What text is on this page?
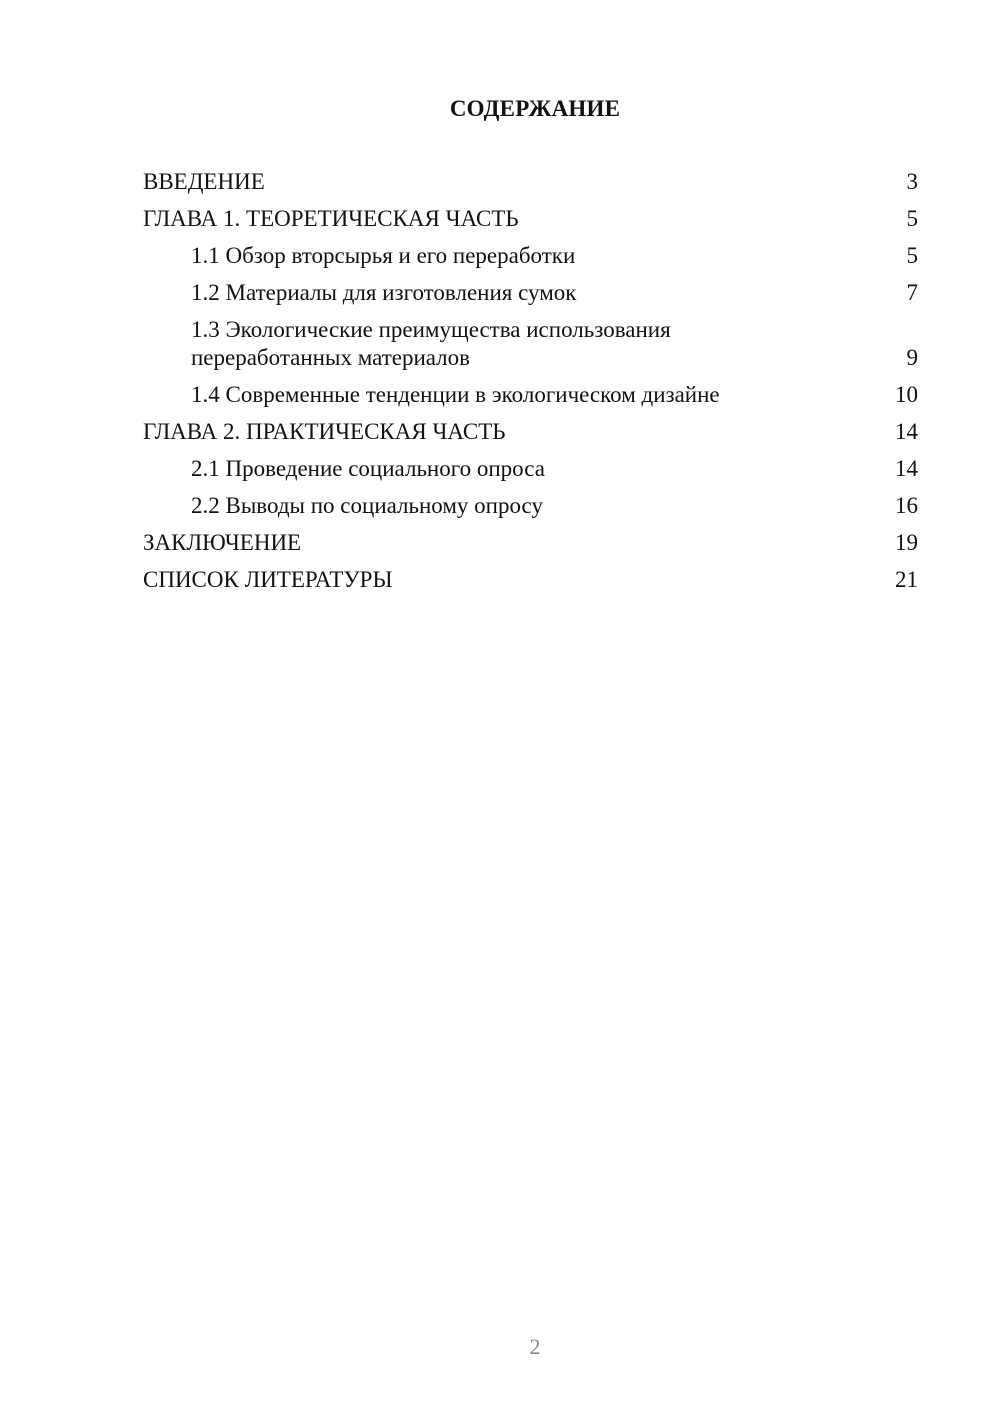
СОДЕРЖАНИЕ
ВВЕДЕНИЕ	3
ГЛАВА 1. ТЕОРЕТИЧЕСКАЯ ЧАСТЬ	5
1.1 Обзор вторсырья и его переработки	5
1.2 Материалы для изготовления сумок	7
1.3 Экологические преимущества использования
переработанных материалов	9
1.4 Современные тенденции в экологическом дизайне	10
ГЛАВА 2. ПРАКТИЧЕСКАЯ ЧАСТЬ	14
2.1 Проведение социального опроса	14
2.2 Выводы по социальному опросу	16
ЗАКЛЮЧЕНИЕ	19
СПИСОК ЛИТЕРАТУРЫ	21
2
